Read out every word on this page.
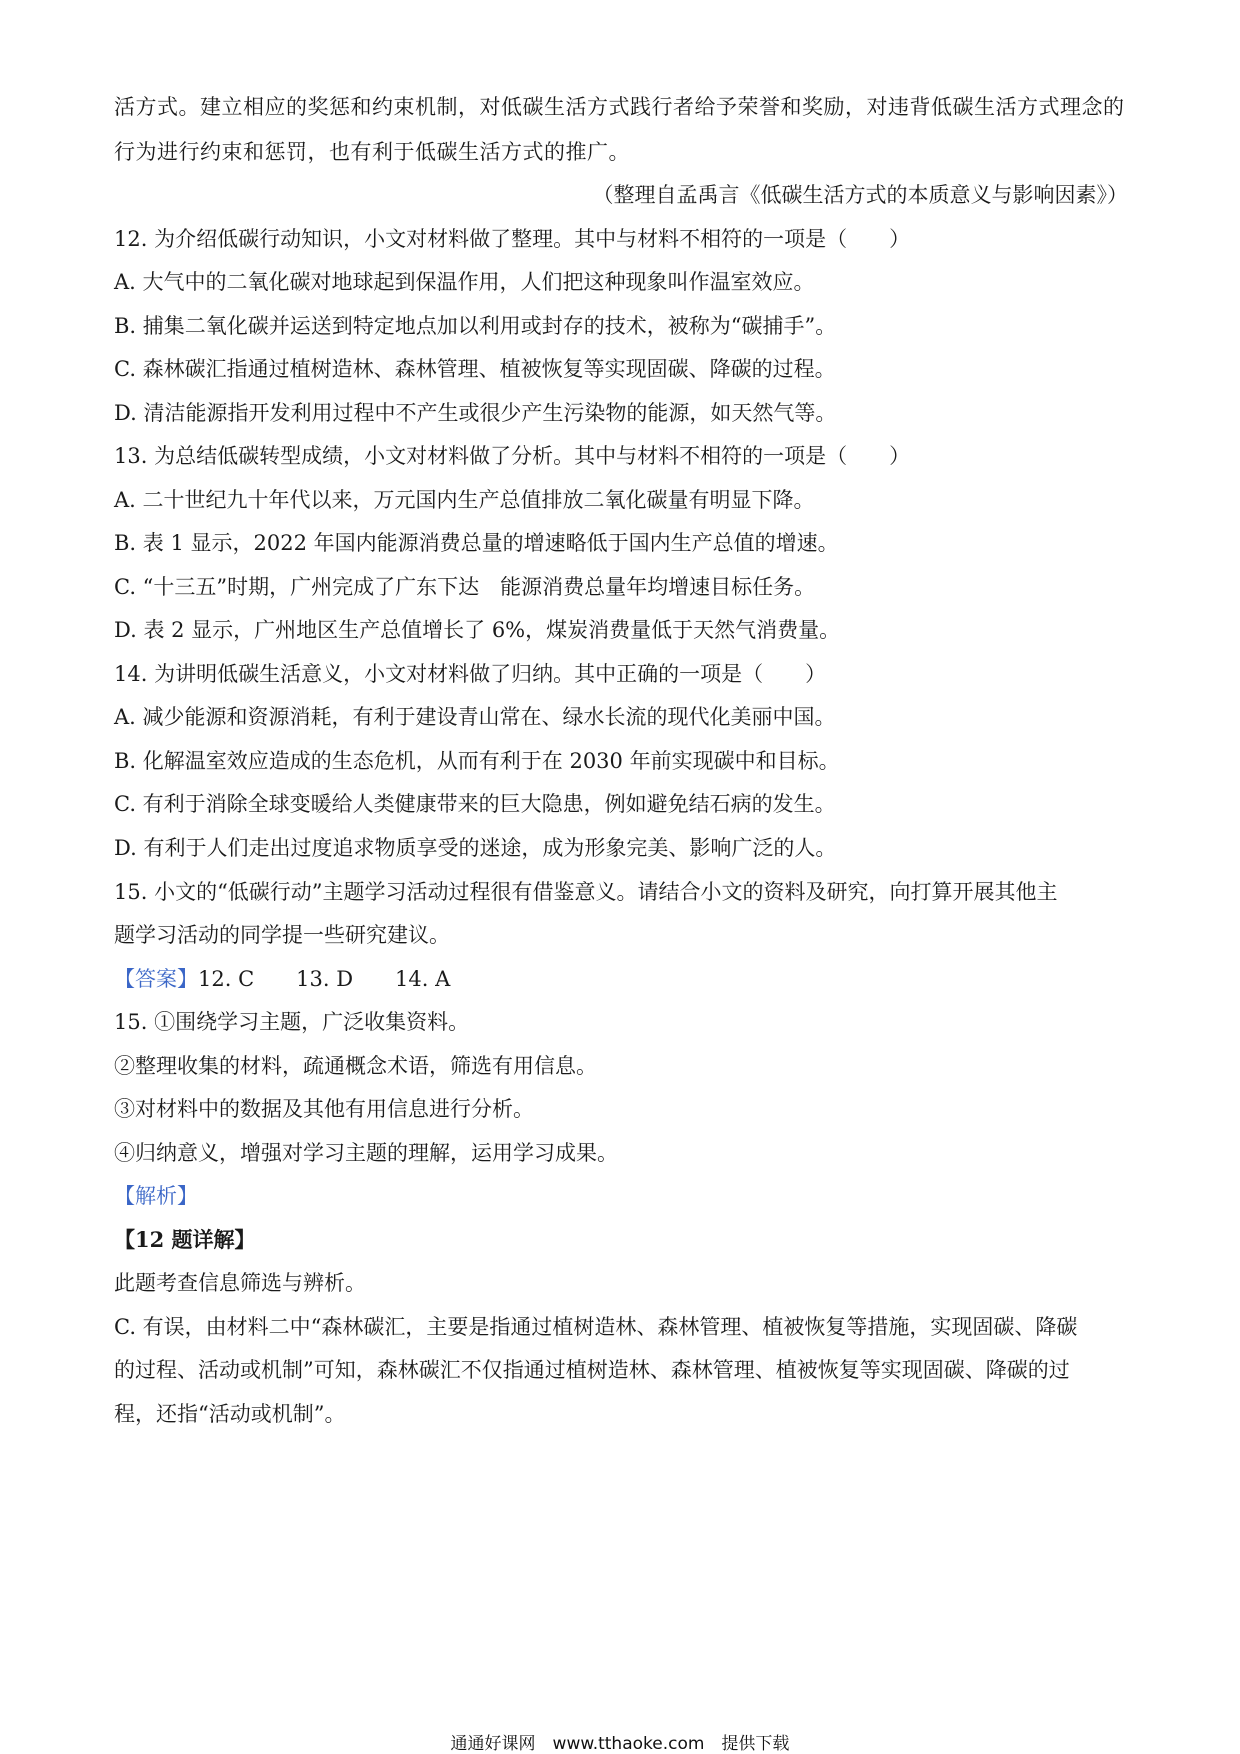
活方式。建立相应的奖惩和约束机制，对低碳生活方式践行者给予荣誉和奖励，对违背低碳生活方式理念的
行为进行约束和惩罚，也有利于低碳生活方式的推广。
（整理自孟禹言《低碳生活方式的本质意义与影响因素》）
12. 为介绍低碳行动知识，小文对材料做了整理。其中与材料不相符的一项是（　　）
A. 大气中的二氧化碳对地球起到保温作用，人们把这种现象叫作温室效应。
B. 捕集二氧化碳并运送到特定地点加以利用或封存的技术，被称为“碳捕手”。
C. 森林碳汇指通过植树造林、森林管理、植被恢复等实现固碳、降碳的过程。
D. 清洁能源指开发利用过程中不产生或很少产生污染物的能源，如天然气等。
13. 为总结低碳转型成绩，小文对材料做了分析。其中与材料不相符的一项是（　　）
A. 二十世纪九十年代以来，万元国内生产总值排放二氧化碳量有明显下降。
B. 表 1 显示，2022 年国内能源消费总量的增速略低于国内生产总值的增速。
C. “十三五”时期，广州完成了广东下达　能源消费总量年均增速目标任务。
D. 表 2 显示，广州地区生产总值增长了 6%，煤炭消费量低于天然气消费量。
14. 为讲明低碳生活意义，小文对材料做了归纳。其中正确的一项是（　　）
A. 减少能源和资源消耗，有利于建设青山常在、绿水长流的现代化美丽中国。
B. 化解温室效应造成的生态危机，从而有利于在 2030 年前实现碳中和目标。
C. 有利于消除全球变暖给人类健康带来的巨大隐患，例如避免结石病的发生。
D. 有利于人们走出过度追求物质享受的迷途，成为形象完美、影响广泛的人。
15. 小文的“低碳行动”主题学习活动过程很有借鉴意义。请结合小文的资料及研究，向打算开展其他主
题学习活动的同学提一些研究建议。
【答案】12. C　　13. D　　14. A
15. ①围绕学习主题，广泛收集资料。
②整理收集的材料，疏通概念术语，筛选有用信息。
③对材料中的数据及其他有用信息进行分析。
④归纳意义，增强对学习主题的理解，运用学习成果。
【解析】
【12 题详解】
此题考查信息筛选与辨析。
C. 有误，由材料二中“森林碳汇，主要是指通过植树造林、森林管理、植被恢复等措施，实现固碳、降碳
的过程、活动或机制”可知，森林碳汇不仅指通过植树造林、森林管理、植被恢复等实现固碳、降碳的过
程，还指“活动或机制”。
通通好课网　www.tthaoke.com　提供下载
